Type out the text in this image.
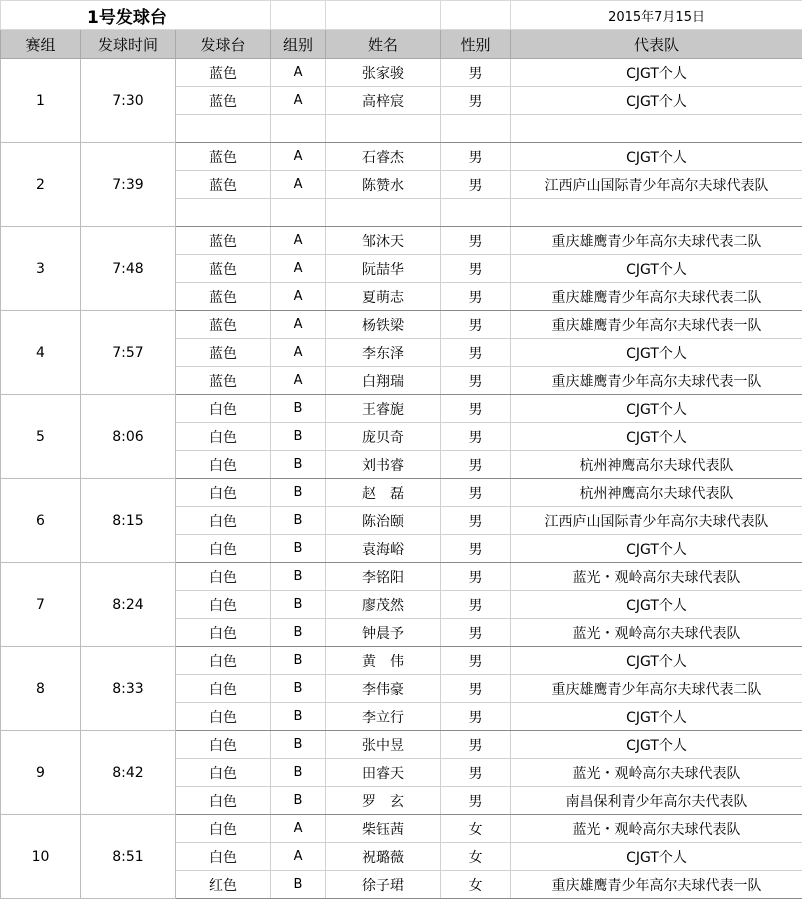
1号发球台						2015年7月15日
赛组	发球时间	发球台	组别	姓名	性别	代表队
1	7:30	蓝色	A	张家骏	男	CJGT个人
		蓝色	A	高梓宸	男	CJGT个人

2	7:39	蓝色	A	石睿杰	男	CJGT个人
		蓝色	A	陈赞水	男	江西庐山国际青少年高尔夫球代表队

3	7:48	蓝色	A	邹沐天	男	重庆雄鹰青少年高尔夫球代表二队
		蓝色	A	阮喆华	男	CJGT个人
		蓝色	A	夏萌志	男	重庆雄鹰青少年高尔夫球代表二队
4	7:57	蓝色	A	杨铁梁	男	重庆雄鹰青少年高尔夫球代表一队
		蓝色	A	李东泽	男	CJGT个人
		蓝色	A	白翔瑞	男	重庆雄鹰青少年高尔夫球代表一队
5	8:06	白色	B	王睿旎	男	CJGT个人
		白色	B	庞贝奇	男	CJGT个人
		白色	B	刘书睿	男	杭州神鹰高尔夫球代表队
6	8:15	白色	B	赵　磊	男	杭州神鹰高尔夫球代表队
		白色	B	陈治颐	男	江西庐山国际青少年高尔夫球代表队
		白色	B	袁海峪	男	CJGT个人
7	8:24	白色	B	李铭阳	男	蓝光・观岭高尔夫球代表队
		白色	B	廖茂然	男	CJGT个人
		白色	B	钟晨予	男	蓝光・观岭高尔夫球代表队
8	8:33	白色	B	黄　伟	男	CJGT个人
		白色	B	李伟豪	男	重庆雄鹰青少年高尔夫球代表二队
		白色	B	李立行	男	CJGT个人
9	8:42	白色	B	张中昱	男	CJGT个人
		白色	B	田睿天	男	蓝光・观岭高尔夫球代表队
		白色	B	罗　玄	男	南昌保利青少年高尔夫代表队
10	8:51	白色	A	柴钰茜	女	蓝光・观岭高尔夫球代表队
		白色	A	祝璐薇	女	CJGT个人
		红色	B	徐子珺	女	重庆雄鹰青少年高尔夫球代表一队
